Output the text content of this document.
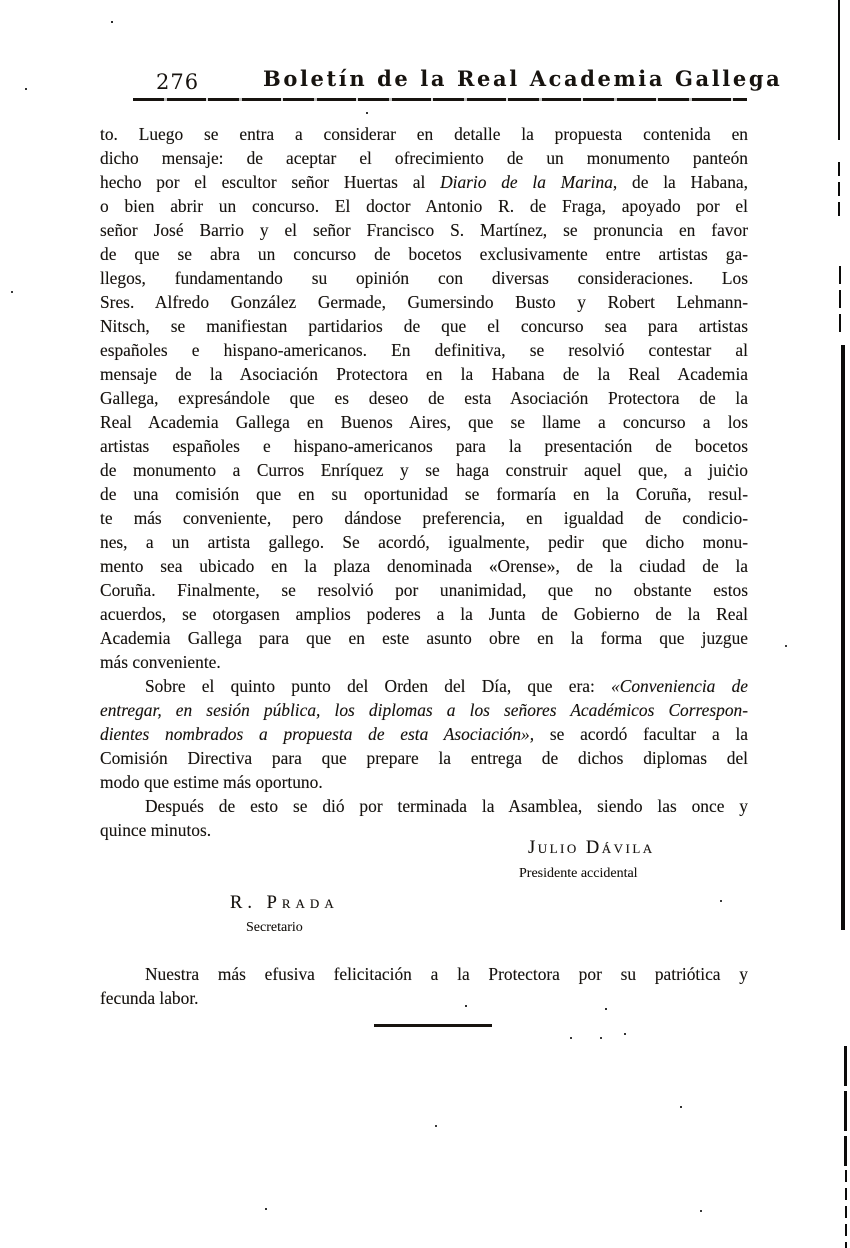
276	Boletín de la Real Academia Gallega
to. Luego se entra a considerar en detalle la propuesta contenida en
dicho mensaje: de aceptar el ofrecimiento de un monumento panteón
hecho por el escultor señor Huertas al Diario de la Marina, de la Habana,
o bien abrir un concurso. El doctor Antonio R. de Fraga, apoyado por el
señor José Barrio y el señor Francisco S. Martínez, se pronuncia en favor
de que se abra un concurso de bocetos exclusivamente entre artistas ga-
llegos, fundamentando su opinión con diversas consideraciones. Los
Sres. Alfredo González Germade, Gumersindo Busto y Robert Lehmann-
Nitsch, se manifiestan partidarios de que el concurso sea para artistas
españoles e hispano-americanos. En definitiva, se resolvió contestar al
mensaje de la Asociación Protectora en la Habana de la Real Academia
Gallega, expresándole que es deseo de esta Asociación Protectora de la
Real Academia Gallega en Buenos Aires, que se llame a concurso a los
artistas españoles e hispano-americanos para la presentación de bocetos
de monumento a Curros Enríquez y se haga construir aquel que, a juicio
de una comisión que en su oportunidad se formaría en la Coruña, resul-
te más conveniente, pero dándose preferencia, en igualdad de condicio-
nes, a un artista gallego. Se acordó, igualmente, pedir que dicho monu-
mento sea ubicado en la plaza denominada «Orense», de la ciudad de la
Coruña. Finalmente, se resolvió por unanimidad, que no obstante estos
acuerdos, se otorgasen amplios poderes a la Junta de Gobierno de la Real
Academia Gallega para que en este asunto obre en la forma que juzgue
más conveniente.
Sobre el quinto punto del Orden del Día, que era: «Conveniencia de
entregar, en sesión pública, los diplomas a los señores Académicos Correspon-
dientes nombrados a propuesta de esta Asociación», se acordó facultar a la
Comisión Directiva para que prepare la entrega de dichos diplomas del
modo que estime más oportuno.
Después de esto se dió por terminada la Asamblea, siendo las once y
quince minutos.
Julio Dávila
Presidente accidental
R. Prada
Secretario
Nuestra más efusiva felicitación a la Protectora por su patriótica y
fecunda labor.
